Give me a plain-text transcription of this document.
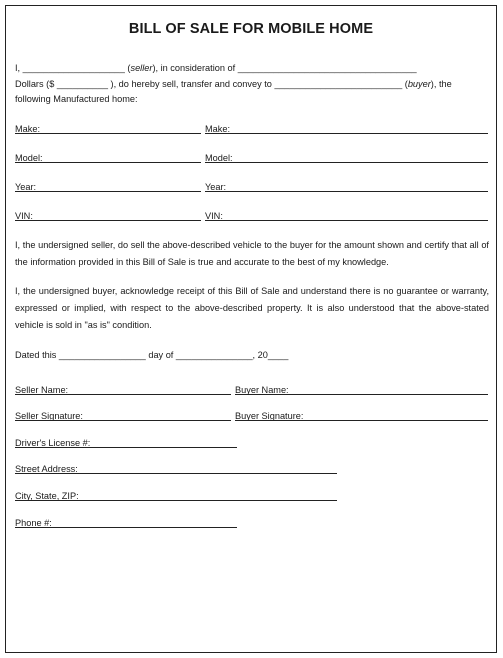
BILL OF SALE FOR MOBILE HOME
I, ____________________ (seller), in consideration of ___________________________________
Dollars ($ __________ ), do hereby sell, transfer and convey to _________________________ (buyer), the
following Manufactured home:
Make:	Make:
Model:	Model:
Year:	Year:
VIN:	VIN:
I, the undersigned seller, do sell the above-described vehicle to the buyer for the amount shown and certify that all of the information provided in this Bill of Sale is true and accurate to the best of my knowledge.
I, the undersigned buyer, acknowledge receipt of this Bill of Sale and understand there is no guarantee or warranty, expressed or implied, with respect to the above-described property. It is also understood that the above-stated vehicle is sold in "as is" condition.
Dated this _________________ day of _______________, 20____
Seller Name:	Buyer Name:
Seller Signature:	Buyer Signature:
Driver's License #:
Street Address:
City, State, ZIP:
Phone #:
